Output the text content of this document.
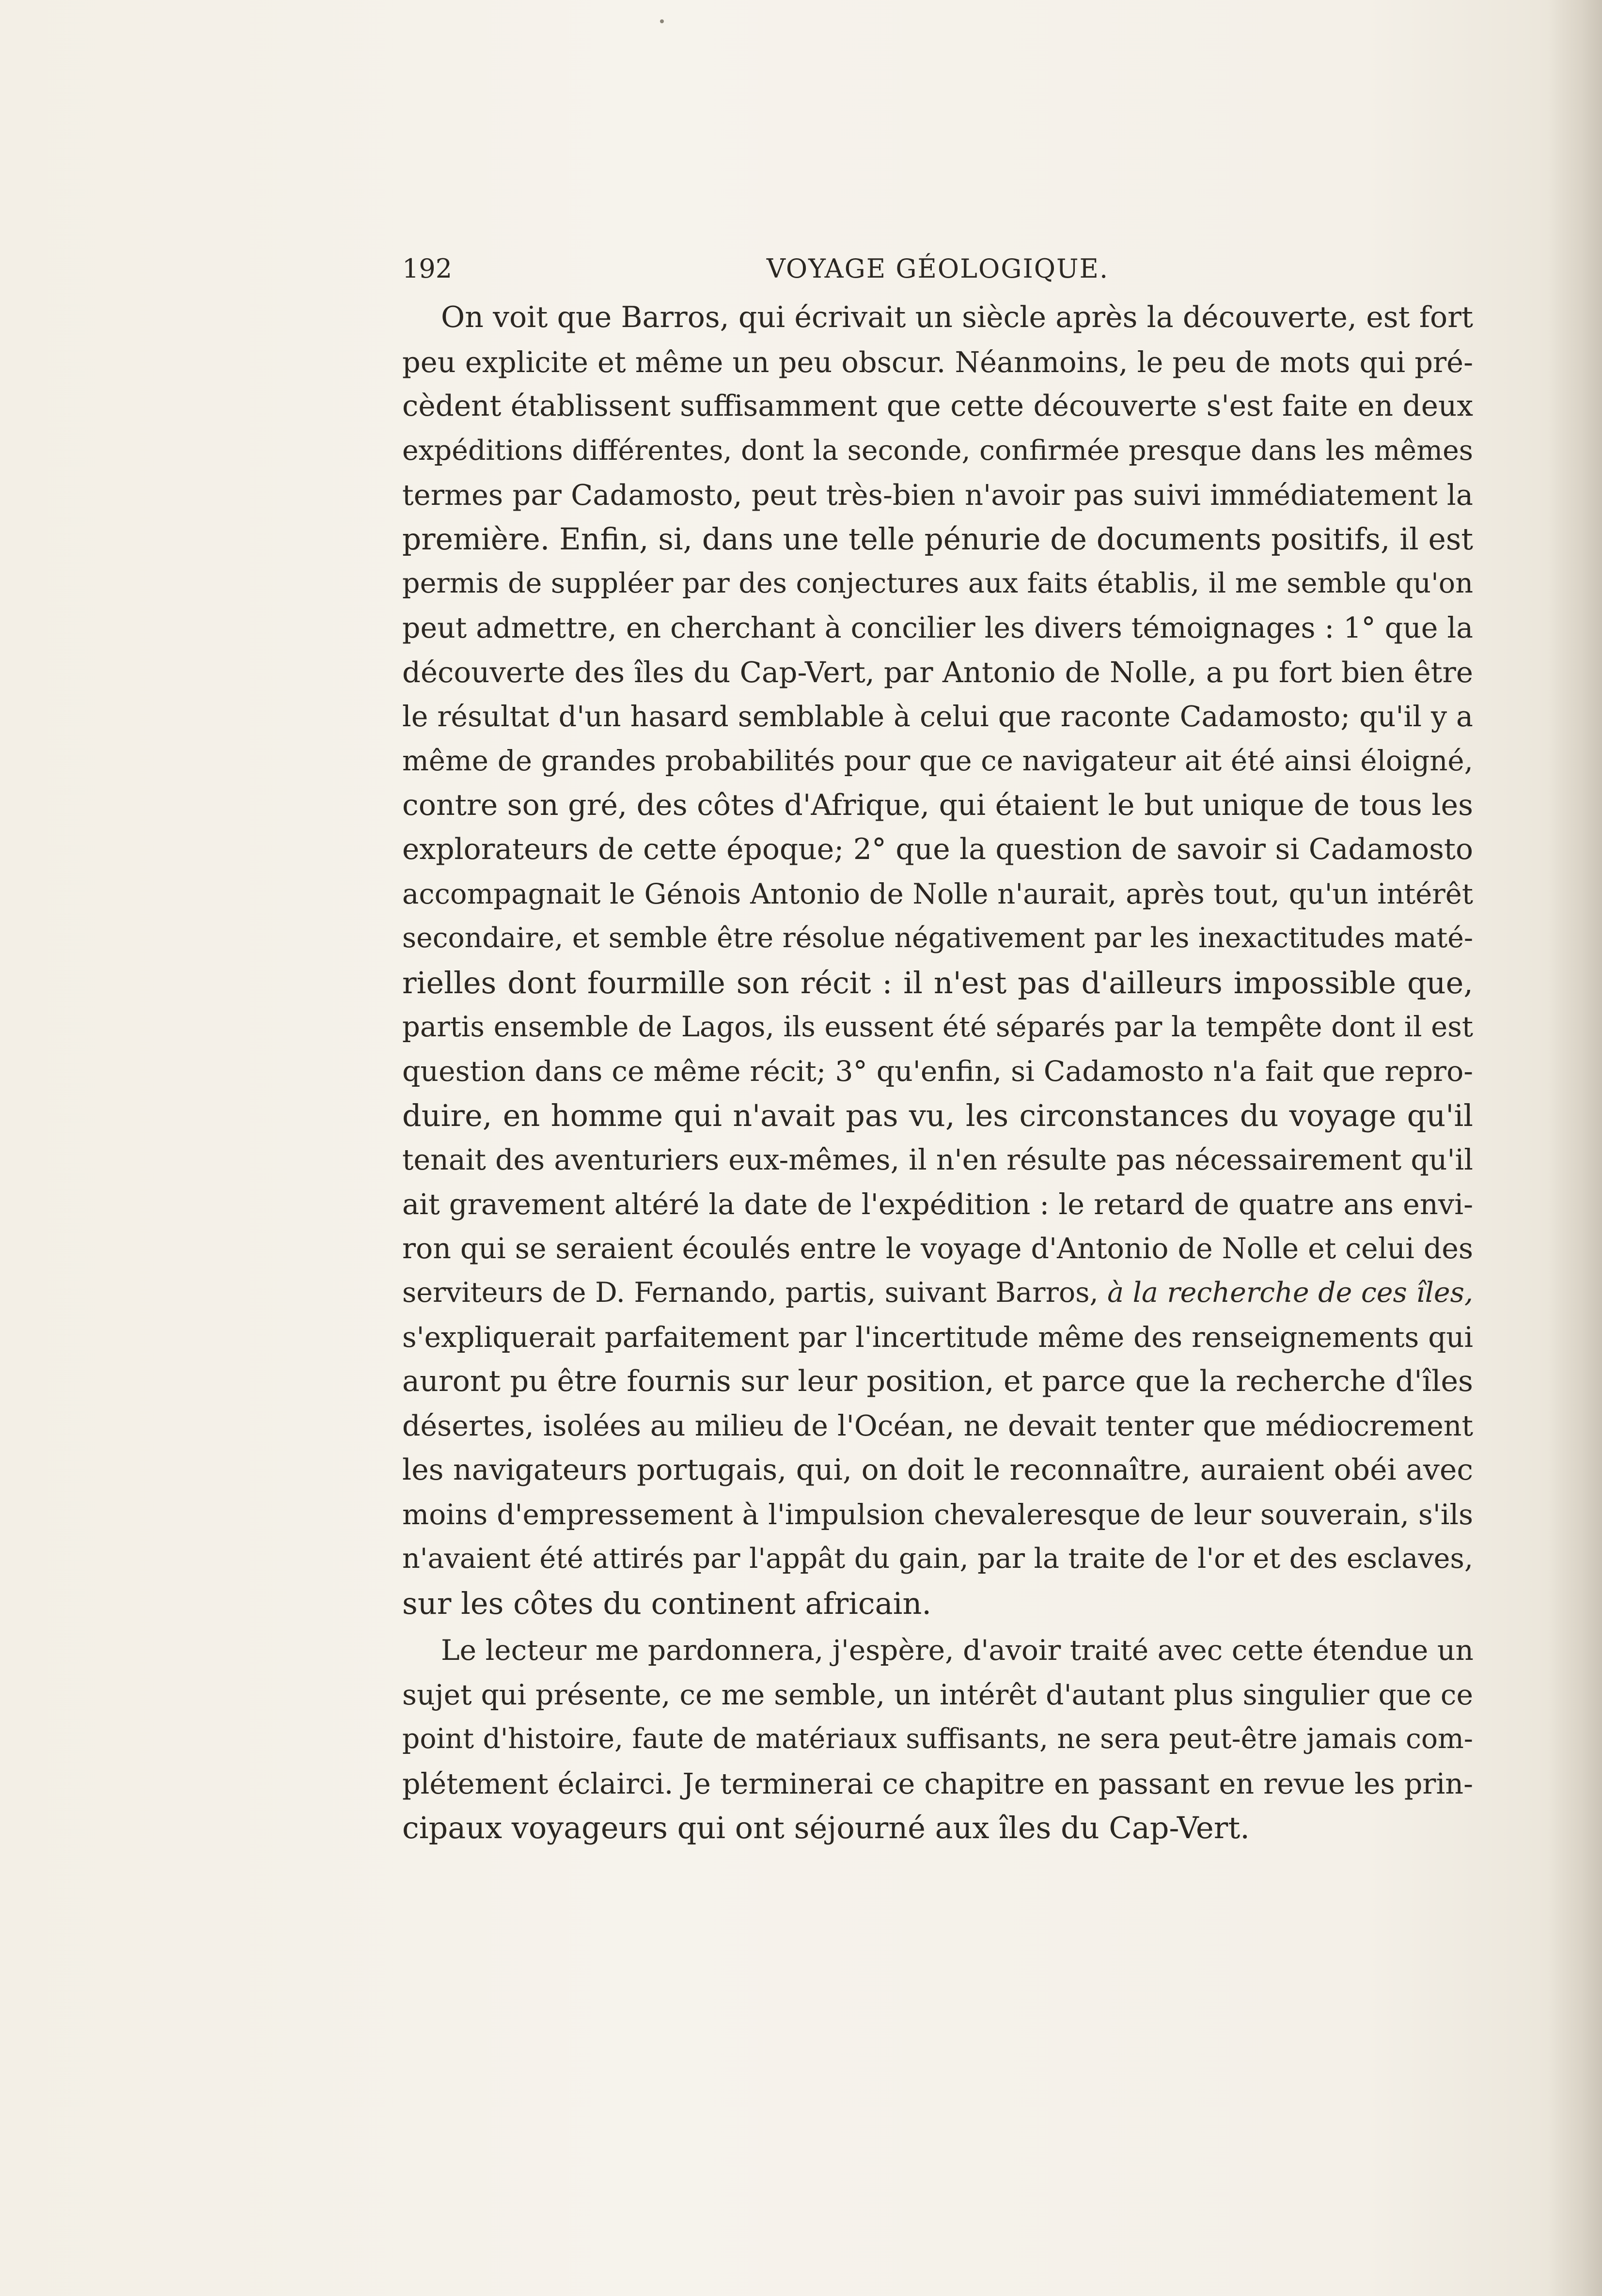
192	VOYAGE GÉOLOGIQUE.
On voit que Barros, qui écrivait un siècle après la découverte, est fort
peu explicite et même un peu obscur. Néanmoins, le peu de mots qui pré-
cèdent établissent suffisamment que cette découverte s'est faite en deux
expéditions différentes, dont la seconde, confirmée presque dans les mêmes
termes par Cadamosto, peut très-bien n'avoir pas suivi immédiatement la
première. Enfin, si, dans une telle pénurie de documents positifs, il est
permis de suppléer par des conjectures aux faits établis, il me semble qu'on
peut admettre, en cherchant à concilier les divers témoignages : 1° que la
découverte des îles du Cap-Vert, par Antonio de Nolle, a pu fort bien être
le résultat d'un hasard semblable à celui que raconte Cadamosto; qu'il y a
même de grandes probabilités pour que ce navigateur ait été ainsi éloigné,
contre son gré, des côtes d'Afrique, qui étaient le but unique de tous les
explorateurs de cette époque; 2° que la question de savoir si Cadamosto
accompagnait le Génois Antonio de Nolle n'aurait, après tout, qu'un intérêt
secondaire, et semble être résolue négativement par les inexactitudes maté-
rielles dont fourmille son récit : il n'est pas d'ailleurs impossible que,
partis ensemble de Lagos, ils eussent été séparés par la tempête dont il est
question dans ce même récit; 3° qu'enfin, si Cadamosto n'a fait que repro-
duire, en homme qui n'avait pas vu, les circonstances du voyage qu'il
tenait des aventuriers eux-mêmes, il n'en résulte pas nécessairement qu'il
ait gravement altéré la date de l'expédition : le retard de quatre ans envi-
ron qui se seraient écoulés entre le voyage d'Antonio de Nolle et celui des
serviteurs de D. Fernando, partis, suivant Barros, à la recherche de ces îles,
s'expliquerait parfaitement par l'incertitude même des renseignements qui
auront pu être fournis sur leur position, et parce que la recherche d'îles
désertes, isolées au milieu de l'Océan, ne devait tenter que médiocrement
les navigateurs portugais, qui, on doit le reconnaître, auraient obéi avec
moins d'empressement à l'impulsion chevaleresque de leur souverain, s'ils
n'avaient été attirés par l'appât du gain, par la traite de l'or et des esclaves,
sur les côtes du continent africain.
Le lecteur me pardonnera, j'espère, d'avoir traité avec cette étendue un
sujet qui présente, ce me semble, un intérêt d'autant plus singulier que ce
point d'histoire, faute de matériaux suffisants, ne sera peut-être jamais com-
plétement éclairci. Je terminerai ce chapitre en passant en revue les prin-
cipaux voyageurs qui ont séjourné aux îles du Cap-Vert.
